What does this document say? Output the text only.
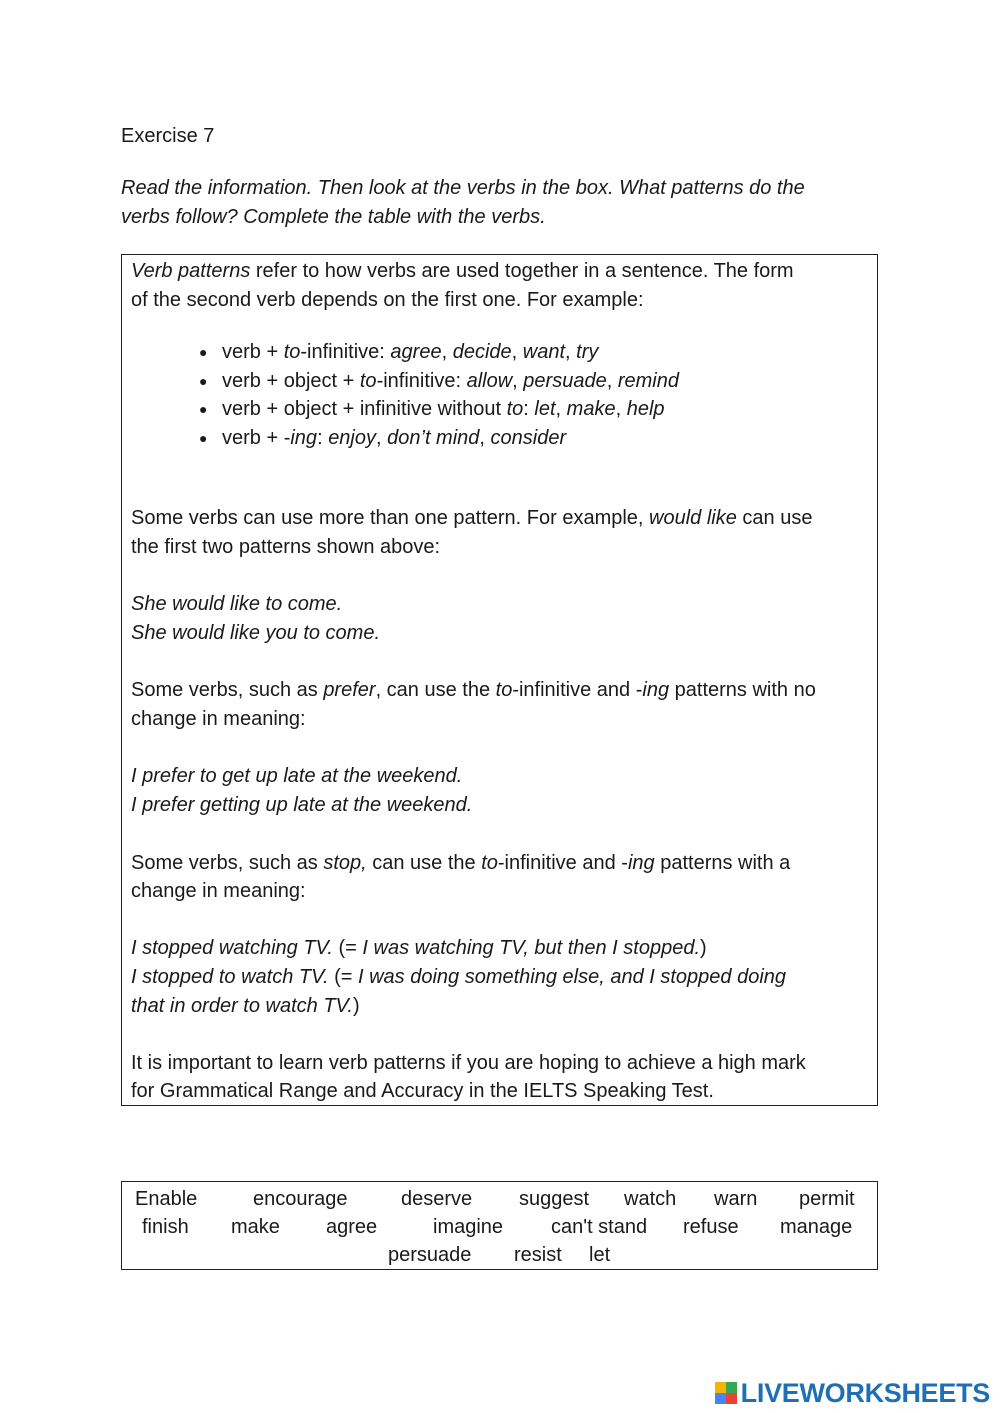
Exercise 7
Read the information. Then look at the verbs in the box. What patterns do the
verbs follow? Complete the table with the verbs.
Verb patterns refer to how verbs are used together in a sentence. The form
of the second verb depends on the first one. For example:
● verb + to-infinitive: agree, decide, want, try
● verb + object + to-infinitive: allow, persuade, remind
● verb + object + infinitive without to: let, make, help
● verb + -ing: enjoy, don’t mind, consider
Some verbs can use more than one pattern. For example, would like can use
the first two patterns shown above:
She would like to come.
She would like you to come.
Some verbs, such as prefer, can use the to-infinitive and -ing patterns with no
change in meaning:
I prefer to get up late at the weekend.
I prefer getting up late at the weekend.
Some verbs, such as stop, can use the to-infinitive and -ing patterns with a
change in meaning:
I stopped watching TV. (= I was watching TV, but then I stopped.)
I stopped to watch TV. (= I was doing something else, and I stopped doing
that in order to watch TV.)
It is important to learn verb patterns if you are hoping to achieve a high mark
for Grammatical Range and Accuracy in the IELTS Speaking Test.
Enable	encourage	deserve suggest watch warn permit
finish make agree	imagine can't stand refuse manage
persuade resist let
LIVEWORKSHEETS
